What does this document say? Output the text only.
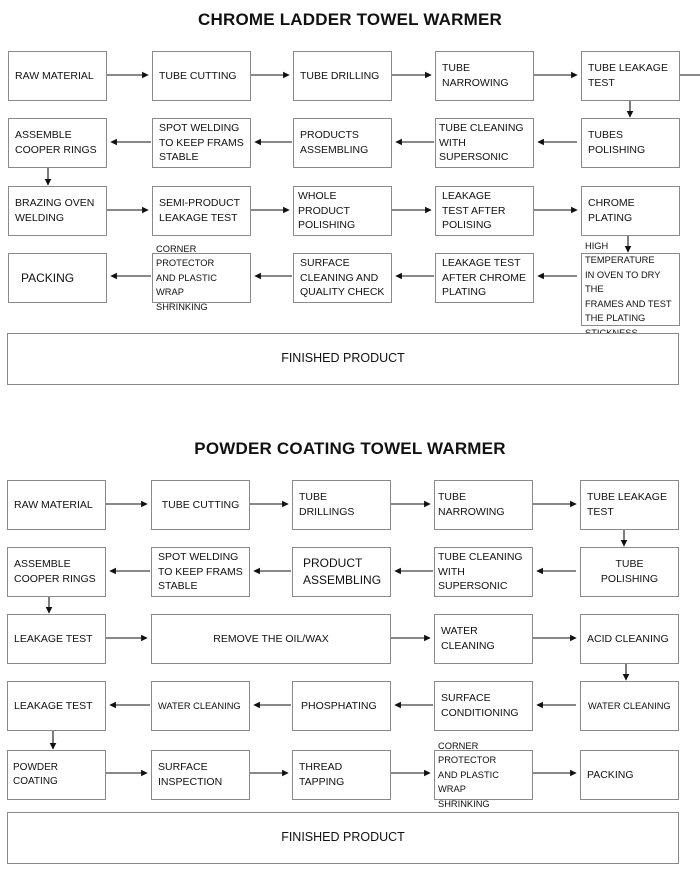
CHROME LADDER TOWEL WARMER
RAW MATERIAL	TUBE CUTTING	TUBE DRILLING
TUBE NARROWING
TUBE LEAKAGE
TEST
ASSEMBLE
COOPER RINGS
SPOT WELDING
TO KEEP FRAMS
STABLE
PRODUCTS
ASSEMBLING
TUBE CLEANING
WITH SUPERSONIC
TUBES POLISHING
BRAZING OVEN
WELDING
SEMI-PRODUCT
LEAKAGE TEST
WHOLE PRODUCT
POLISHING
LEAKAGE
TEST AFTER
POLISING
CHROME PLATING
PACKING
CORNER PROTECTOR
AND PLASTIC WRAP
SHRINKING
SURFACE
CLEANING AND
QUALITY CHECK
LEAKAGE TEST
AFTER CHROME
PLATING
HIGH TEMPERATURE
IN OVEN TO DRY THE
FRAMES AND TEST
THE PLATING

FINISHED PRODUCT
POWDER COATING TOWEL WARMER
RAW MATERIAL	TUBE CUTTING
TUBE DRILLINGS
TUBE NARROWING
TUBE LEAKAGE
TEST
ASSEMBLE
COOPER RINGS
SPOT WELDING
TO KEEP FRAMS
STABLE
PRODUCT
ASSEMBLING
TUBE CLEANING
WITH SUPERSONIC
TUBE POLISHING
LEAKAGE TEST	REMOVE THE OIL/WAX
WATER CLEANING
ACID CLEANING
LEAKAGE TEST	WATER CLEANING	PHOSPHATING
SURFACE
CONDITIONING
WATER CLEANING
POWDER COATING
SURFACE
INSPECTION
THREAD TAPPING
CORNER PROTECTOR
AND PLASTIC WRAP
SHRINKING
PACKING
FINISHED PRODUCT
